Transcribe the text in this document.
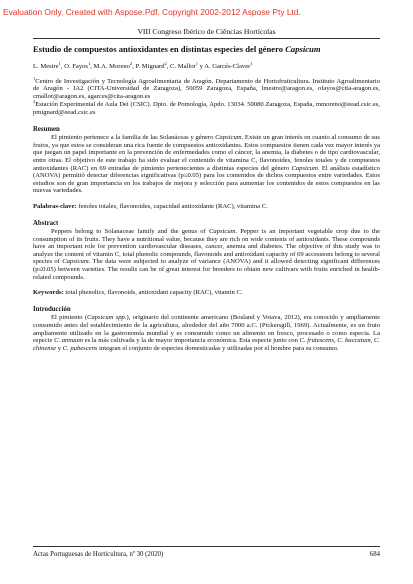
Evaluation Only. Created with Aspose.Pdf. Copyright 2002-2012 Aspose Pty Ltd.
VIII Congreso Ibérico de Ciências Hortícolas

Estudio de compuestos antioxidantes en distintas especies del género Capsicum

L. Mestre$^1$, O. Fayos$^1$, M.A. Moreno$^2$, P. Mignard$^2$, C. Mallor$^1$ y A. Garcés-Claver$^1$

$^1$Centro de Investigación y Tecnología Agroalimentaria de Aragón. Departamento de Hortofruticultura. Instituto Agroalimentario de Aragón - IA2 (CITA-Universidad de Zaragoza), 50059 Zaragoza, España, lmestre@aragon.es, ofayos@cita-aragon.es, cmallor@aragon.es, agarces@cita-aragon.es

$^2$Estación Experimental de Aula Dei (CSIC). Dpto. de Pomología, Apdo. 13034. 50080 Zaragoza, España, mmoreno@eead.csic.es, pmignard@eead.csic.es

Resumen

El pimiento pertenece a la familia de las Solanáceas y género Capsicum. Existe un gran interés en cuanto al consumo de sus frutos, ya que estos se consideran una rica fuente de compuestos antioxidantes. Estos compuestos tienen cada vez mayor interés ya que juegan un papel importante en la prevención de enfermedades como el cáncer, la anemia, la diabetes o de tipo cardiovascular, entre otras. El objetivo de este trabajo ha sido evaluar el contenido de vitamina C, flavonoides, fenoles totales y de compuestos antioxidantes (RAC) en 69 entradas de pimiento pertenecientes a distintas especies del género Capsicum. El análisis estadístico (ANOVA) permitió detectar diferencias significativas (p≤0.05) para los contenidos de dichos compuestos entre variedades. Estos estudios son de gran importancia en los trabajos de mejora y selección para aumentar los contenidos de estos compuestos en las nuevas variedades.

Palabras-clave: fenoles totales, flavonoides, capacidad antioxidante (RAC), vitamina C.

Abstract

Peppers belong to Solanaceae family and the genus of Capsicum. Pepper is an important vegetable crop due to the consumption of its fruits. They have a nutritional value, because they are rich on wide contents of antioxidants. These compounds have an important role for prevention cardiovascular diseases, cancer, anemia and diabetes. The objective of this study was to analyze the content of vitamin C, total phenolic compounds, flavonoids and antioxidant capacity of 69 accessions belong to several species of Capsicum. The data were subjected to analyze of variance (ANOVA) and it allowed detecting significant differences (p≤0.05) between varieties. The results can be of great interest for breeders to obtain new cultivars with fruits enriched in health-related compounds.

Keywords: total phenolics, flavonoids, antioxidant capacity (RAC), vitamin C.

Introducción

El pimiento (Capsicum spp.), originario del continente americano (Bosland y Votava, 2012), era conocido y ampliamente consumido antes del establecimiento de la agricultura, alrededor del año 7000 a.C. (Pickersgill, 1969). Actualmente, es un fruto ampliamente utilizado en la gastronomía mundial y es consumido como un alimento en fresco, procesado o como especia. La especie C. annuum es la más cultivada y la de mayor importancia económica. Esta especie junto con C. frutescens, C. baccatum, C. chinense y C. pubescens integran el conjunto de especies domesticadas y utilizadas por el hombre para su consumo.

Actas Portuguesas de Horticultura, nº 30 (2020)	684
